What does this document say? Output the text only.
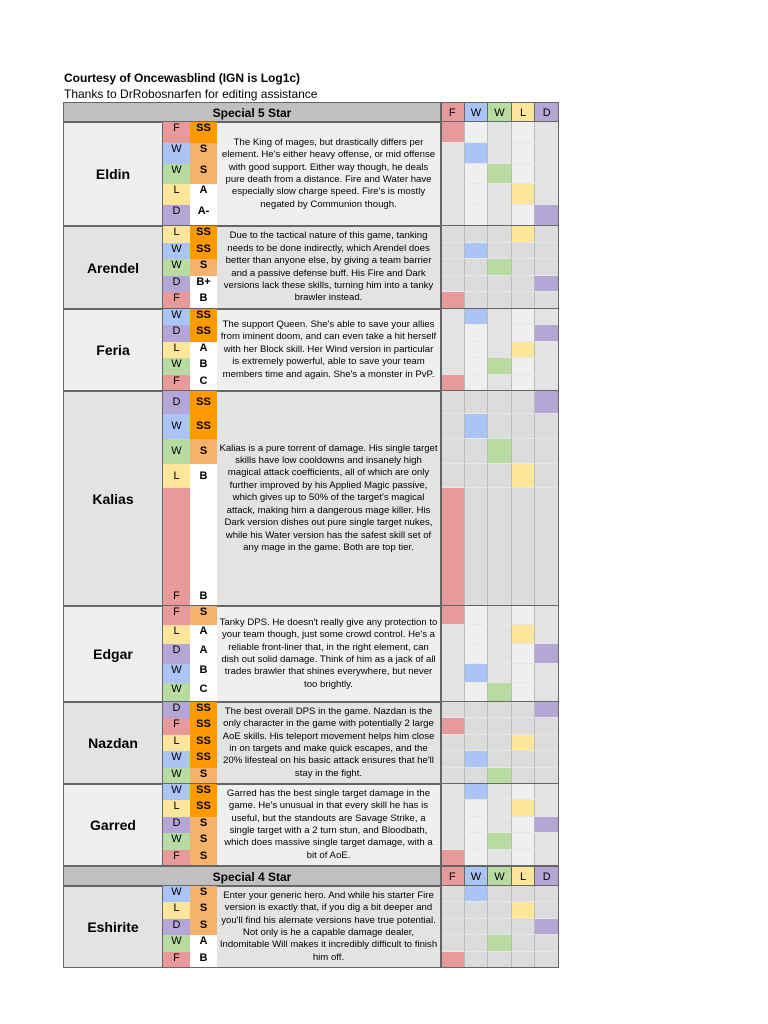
Courtesy of Oncewasblind (IGN is Log1c)
Thanks to DrRobosnarfen for editing assistance
Special 5 Star	F	W	W	L	D
Eldin
F	SS
W	S
W	S
L	A
D	A-
The King of mages, but drastically differs per element. He's either heavy offense, or mid offense with good support. Either way though, he deals pure death from a distance. Fire and Water have especially slow charge speed. Fire's is mostly negated by Communion though.
Arendel
L	SS
W	SS
W	S
D	B+
F	B
Due to the tactical nature of this game, tanking needs to be done indirectly, which Arendel does better than anyone else, by giving a team barrier and a passive defense buff. His Fire and Dark versions lack these skills, turning him into a tanky brawler instead.
Feria
W	SS
D	SS
L	A
W	B
F	C
The support Queen. She's able to save your allies from iminent doom, and can even take a hit herself with her Block skill. Her Wind version in particular is extremely powerful, able to save your team members time and again. She's a monster in PvP.
Kalias
D	SS
W	SS
W	S
L	B
F	B
Kalias is a pure torrent of damage. His single target skills have low cooldowns and insanely high magical attack coefficients, all of which are only further improved by his Applied Magic passive, which gives up to 50% of the target's magical attack, making him a dangerous mage killer. His Dark version dishes out pure single target nukes, while his Water version has the safest skill set of any mage in the game. Both are top tier.
Edgar
F	S
L	A
D	A
W	B
W	C
Tanky DPS. He doesn't really give any protection to your team though, just some crowd control. He's a reliable front-liner that, in the right element, can dish out solid damage. Think of him as a jack of all trades brawler that shines everywhere, but never too brightly.
Nazdan
D	SS
F	SS
L	SS
W	SS
W	S
The best overall DPS in the game. Nazdan is the only character in the game with potentially 2 large AoE skills. His teleport movement helps him close in on targets and make quick escapes, and the 20% lifesteal on his basic attack ensures that he'll stay in the fight.
Garred
W	SS
L	SS
D	S
W	S
F	S
Garred has the best single target damage in the game. He's unusual in that every skill he has is useful, but the standouts are Savage Strike, a single target with a 2 turn stun, and Bloodbath, which does massive single target damage, with a bit of AoE.
Special 4 Star	F	W	W	L	D
Eshirite
W	S
L	S
D	S
W	A
F	B
Enter your generic hero. And while his starter Fire version is exactly that, if you dig a bit deeper and you'll find his alernate versions have true potential. Not only is he a capable damage dealer, Indomitable Will makes it incredibly difficult to finish him off.
